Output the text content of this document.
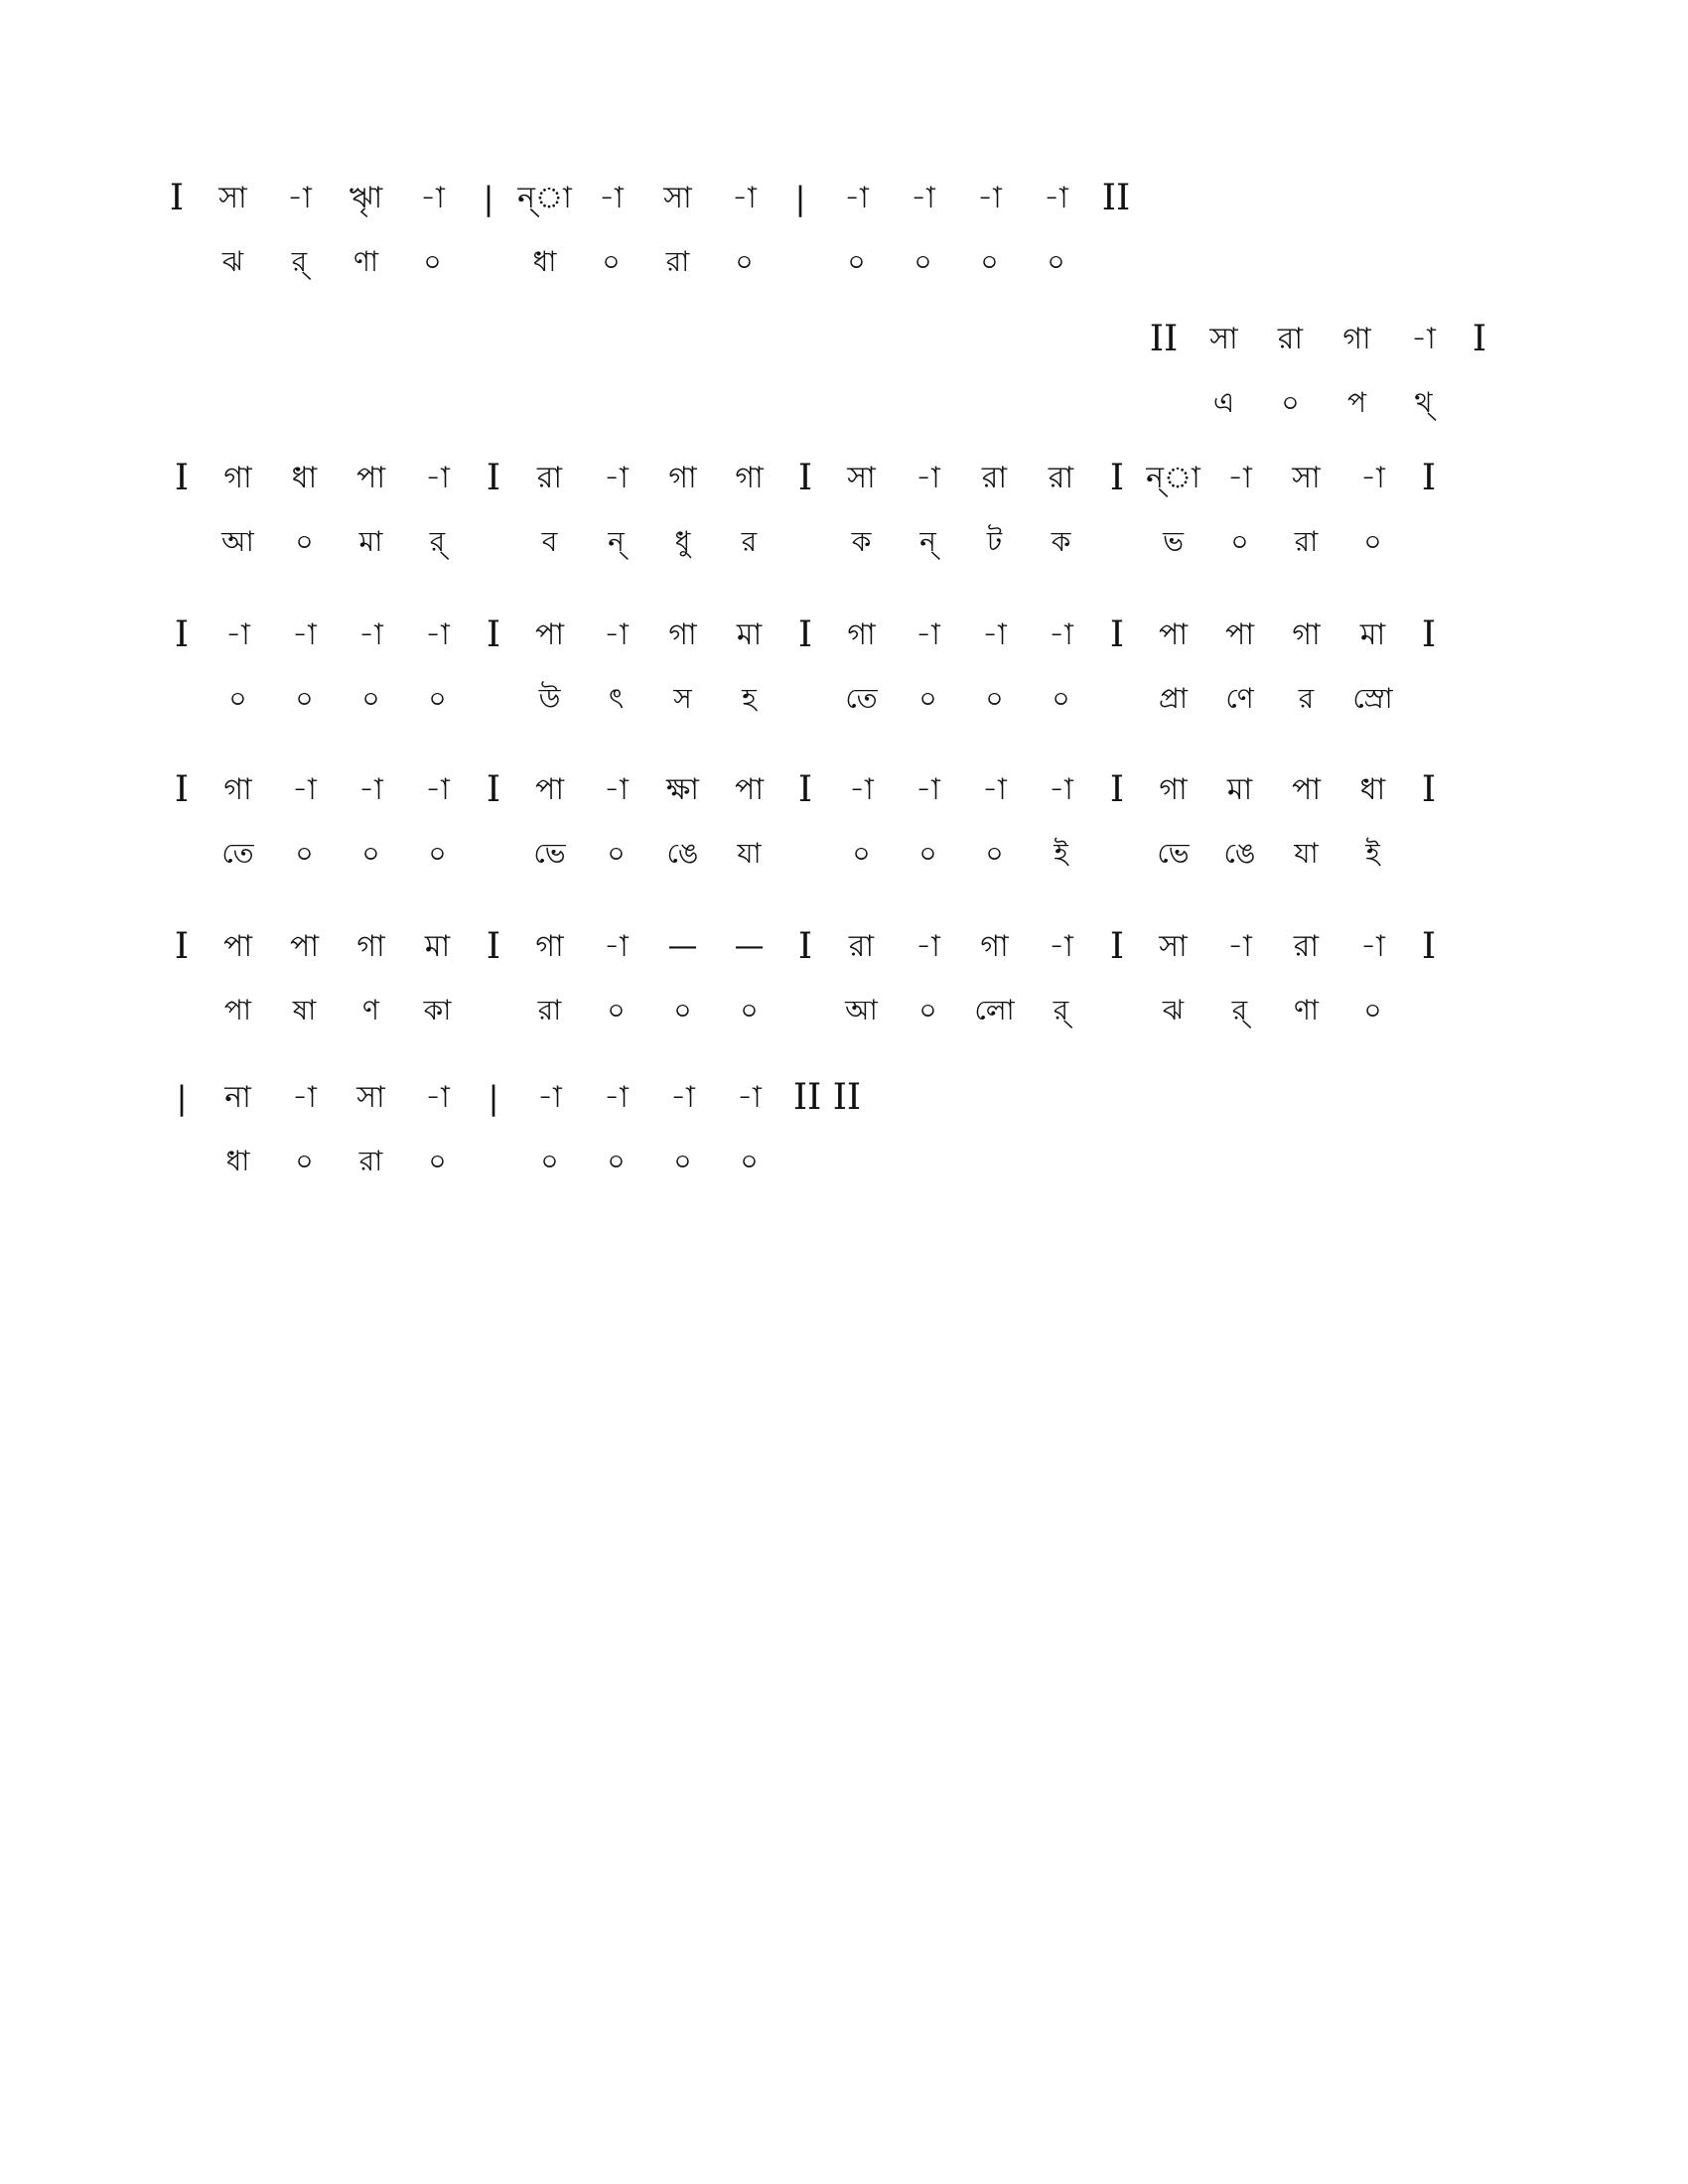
I	সা	-া	ৠা	-া	| ন্া -া	সা	-া	|	-া	-া	-া	-া II
ঝ	র্	ণা	০	ধা	০	রা	০	০	০	০	০
II	সা	রা	গা	-া	I
এ	০	প	থ্
I	গা	ধা	পা	-া	I	রা	-া	গা	গা I	সা	-া	রা	রা	I ন্া -া	সা	-া	I
আ	০	মা	র্	ব	ন্	ধু	র	ক	ন্	ট	ক	ভ	০	রা	০
I	-া	-া	-া	-া	I	পা	-া	গা	মা	I	গা	-া	-া	-া	I	পা	পা	গা	মা	I
০	০	০	০	উ	ৎ	স	হ	তে	০	০	০	প্রা	ণে	র	স্রো
I	গা	-া	-া	-া	I	পা	-া	ক্ষা	পা I	-া	-া	-া	-া	I	গা	মা	পা	ধা	I
তে	০	০	০	ভে	০	ঙে	যা	০	০	০	ই	ভে	ঙে	যা	ই
I	পা	পা	গা	মা	I	গা	-া	—	— I	রা	-া	গা	-া	I	সা	-া	রা	-া	I
পা	ষা	ণ	কা	রা	০	০	০	আ	০	লো	র্	ঝ	র্	ণা	০
|	না	-া	সা	-া	|	-া	-া	-া	-া II II
ধা	০	রা	০	০	০	০	০
